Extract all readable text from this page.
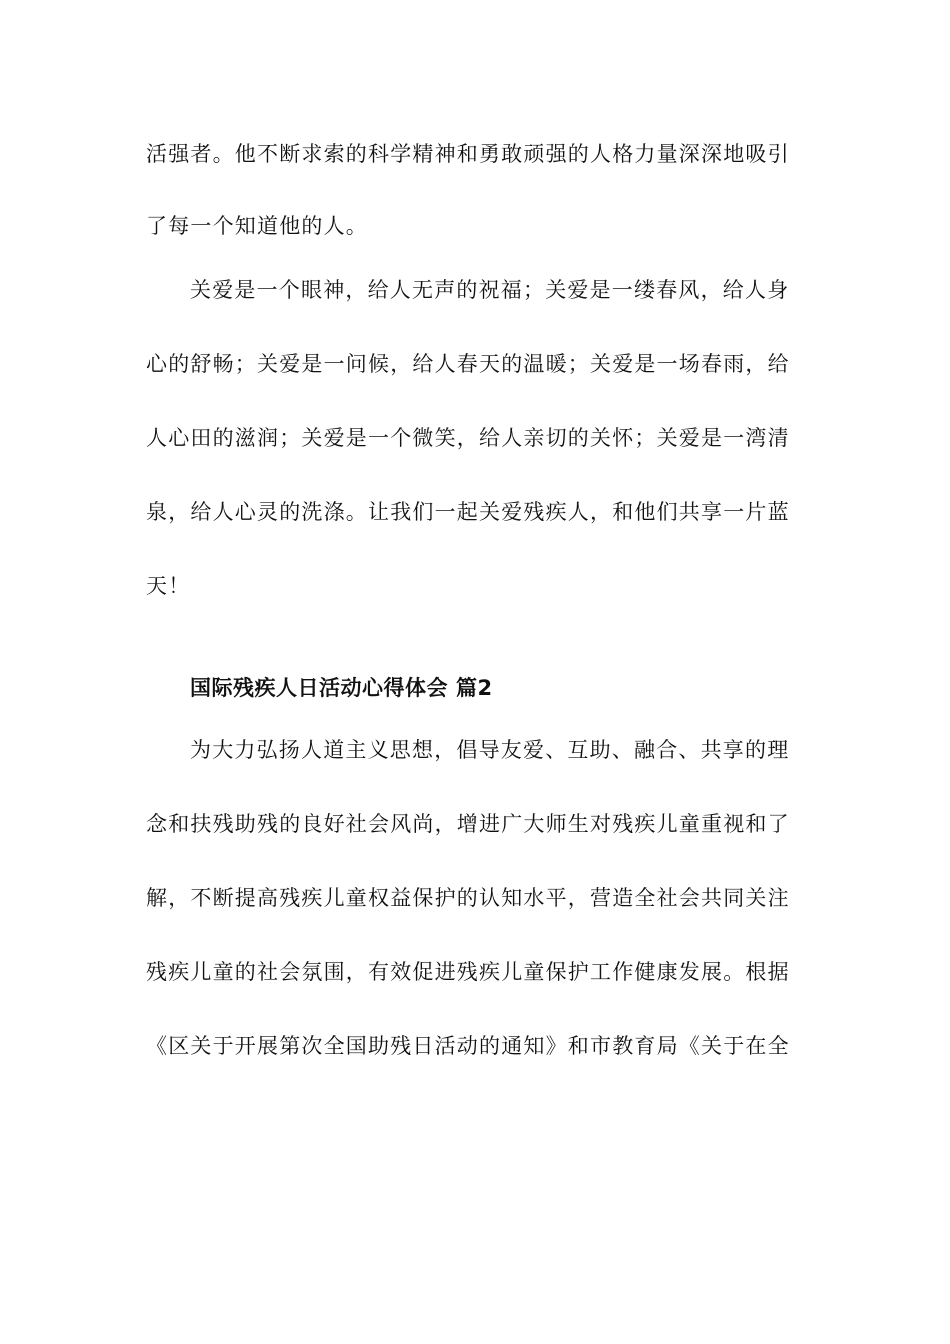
活强者。他不断求索的科学精神和勇敢顽强的人格力量深深地吸引
了每一个知道他的人。
关爱是一个眼神，给人无声的祝福；关爱是一缕春风，给人身
心的舒畅；关爱是一问候，给人春天的温暖；关爱是一场春雨，给
人心田的滋润；关爱是一个微笑，给人亲切的关怀；关爱是一湾清
泉，给人心灵的洗涤。让我们一起关爱残疾人，和他们共享一片蓝
天！
国际残疾人日活动心得体会 篇2
为大力弘扬人道主义思想，倡导友爱、互助、融合、共享的理
念和扶残助残的良好社会风尚，增进广大师生对残疾儿童重视和了
解，不断提高残疾儿童权益保护的认知水平，营造全社会共同关注
残疾儿童的社会氛围，有效促进残疾儿童保护工作健康发展。根据
《区关于开展第次全国助残日活动的通知》和市教育局《关于在全
